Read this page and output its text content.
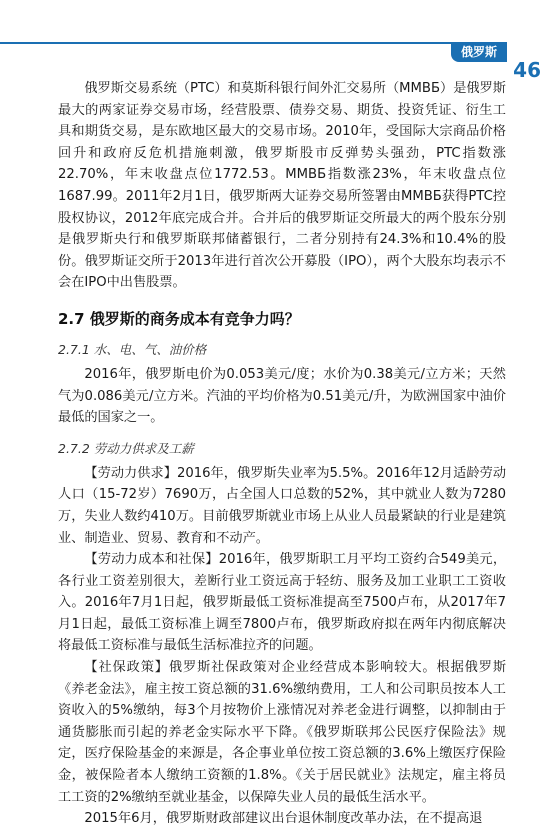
俄罗斯
46

俄罗斯交易系统（PTC）和莫斯科银行间外汇交易所（MMBБ）是俄罗斯最大的两家证券交易市场，经营股票、债券交易、期货、投资凭证、衍生工具和期货交易，是东欧地区最大的交易市场。2010年，受国际大宗商品价格回升和政府反危机措施刺激，俄罗斯股市反弹势头强劲，PTC指数涨22.70%，年末收盘点位1772.53。MMBБ指数涨23%，年末收盘点位1687.99。2011年2月1日，俄罗斯两大证券交易所签署由MMBБ获得PTC控股权协议，2012年底完成合并。合并后的俄罗斯证交所最大的两个股东分别是俄罗斯央行和俄罗斯联邦储蓄银行，二者分别持有24.3%和10.4%的股份。俄罗斯证交所于2013年进行首次公开募股（IPO），两个大股东均表示不会在IPO中出售股票。

2.7 俄罗斯的商务成本有竞争力吗？
2.7.1 水、电、气、油价格

2016年，俄罗斯电价为0.053美元/度；水价为0.38美元/立方米；天然气为0.086美元/立方米。汽油的平均价格为0.51美元/升，为欧洲国家中油价最低的国家之一。

2.7.2 劳动力供求及工薪

【劳动力供求】2016年，俄罗斯失业率为5.5%。2016年12月适龄劳动人口（15-72岁）7690万，占全国人口总数的52%，其中就业人数为7280万，失业人数约410万。目前俄罗斯就业市场上从业人员最紧缺的行业是建筑业、制造业、贸易、教育和不动产。

【劳动力成本和社保】2016年，俄罗斯职工月平均工资约合549美元，各行业工资差别很大，差断行业工资远高于轻纺、服务及加工业职工工资收入。2016年7月1日起，俄罗斯最低工资标准提高至7500卢布，从2017年7月1日起，最低工资标准上调至7800卢布，俄罗斯政府拟在两年内彻底解决将最低工资标准与最低生活标准拉齐的问题。

【社保政策】俄罗斯社保政策对企业经营成本影响较大。根据俄罗斯《养老金法》，雇主按工资总额的31.6%缴纳费用，工人和公司职员按本人工资收入的5%缴纳，每3个月按物价上涨情况对养老金进行调整，以抑制由于通货膨胀而引起的养老金实际水平下降。《俄罗斯联邦公民医疗保险法》规定，医疗保险基金的来源是，各企事业单位按工资总额的3.6%上缴医疗保险金，被保险者本人缴纳工资额的1.8%。《关于居民就业》法规定，雇主将员工工资的2%缴纳至就业基金，以保障失业人员的最低生活水平。

2015年6月，俄罗斯财政部建议出台退休制度改革办法，在不提高退
